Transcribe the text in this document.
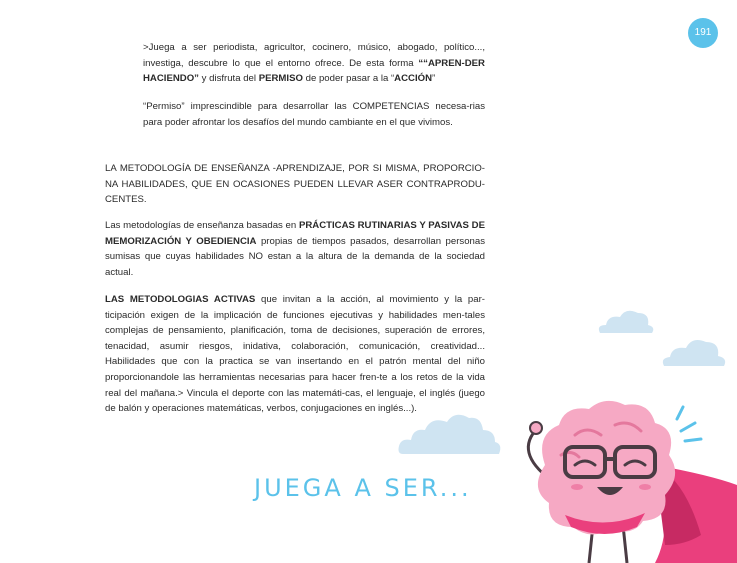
191

>Juega a ser periodista, agricultor, cocinero, músico, abogado, político..., investiga, descubre lo que el entorno ofrece. De esta forma ““APREN-DER HACIENDO” y disfruta del PERMISO de poder pasar a la “ACCIÓN”

“Permiso” imprescindible para desarrollar las COMPETENCIAS necesa-rias para poder afrontar los desafíos del mundo cambiante en el que vivimos.

LA METODOLOGÍA DE ENSEÑANZA -APRENDIZAJE, POR SI MISMA, PROPORCIO-NA HABILIDADES, QUE EN OCASIONES PUEDEN LLEVAR ASER CONTRAPRODU-CENTES.

Las metodologías de enseñanza basadas en PRÁCTICAS RUTINARIAS Y PASIVAS DE MEMORIZACIÓN Y OBEDIENCIA propias de tiempos pasados, desarrollan personas sumisas que cuyas habilidades NO estan a la altura de la demanda de la sociedad actual.

LAS METODOLOGIAS ACTIVAS que invitan a la acción, al movimiento y la par-ticipación exigen de la implicación de funciones ejecutivas y habilidades men-tales complejas de pensamiento, planificación, toma de decisiones, superación de errores, tenacidad, asumir riesgos, inidativa, colaboración, comunicación, creatividad... Habilidades que con la practica se van insertando en el patrón mental del niño proporcionandole las herramientas necesarias para hacer fren-te a los retos de la vida real del mañana.> Vincula el deporte con las matemáti-cas, el lenguaje, el inglés (juego de balón y operaciones matemáticas, verbos, conjugaciones en inglés...).

JUEGA A SER...
